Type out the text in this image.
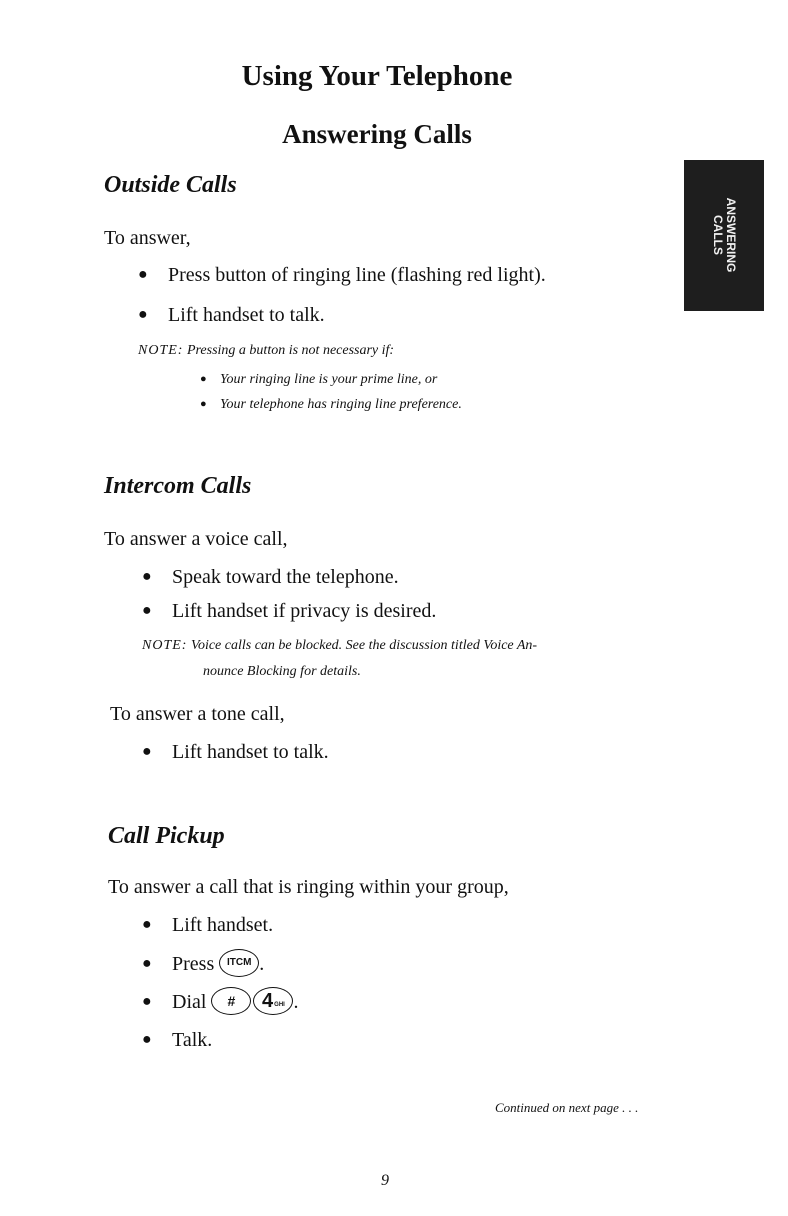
Using Your Telephone
Answering Calls
ANSWERING
CALLS
Outside Calls
To answer,
● Press button of ringing line (flashing red light).
● Lift handset to talk.
NOTE: Pressing a button is not necessary if:
● Your ringing line is your prime line, or
● Your telephone has ringing line preference.
Intercom Calls
To answer a voice call,
● Speak toward the telephone.
● Lift handset if privacy is desired.
NOTE: Voice calls can be blocked. See the discussion titled Voice An-
nounce Blocking for details.
To answer a tone call,
● Lift handset to talk.
Call Pickup
To answer a call that is ringing within your group,
● Lift handset.
● Press ITCM .
● Dial # 4GHI .
● Talk.
Continued on next page . . .
9
